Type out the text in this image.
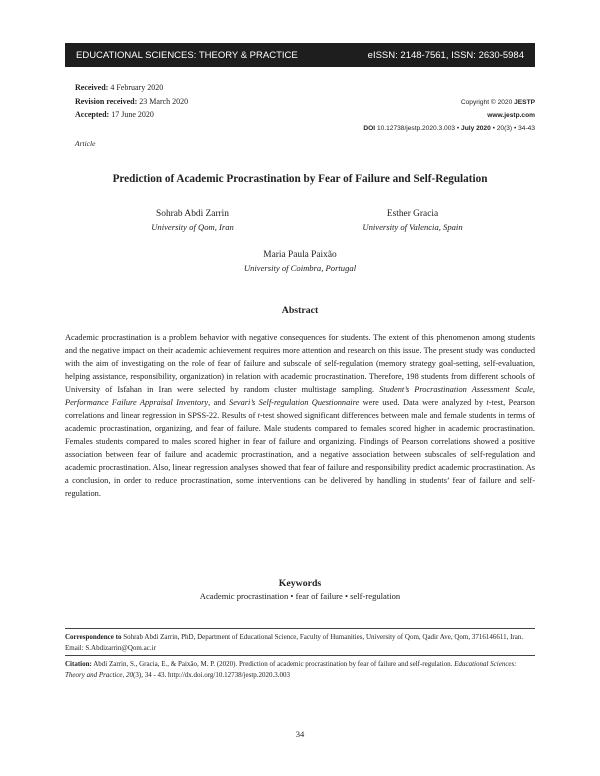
EDUCATIONAL SCIENCES: THEORY & PRACTICE	eISSN: 2148-7561, ISSN: 2630-5984
Received: 4 February 2020
Revision received: 23 March 2020
Accepted: 17 June 2020
Copyright © 2020 JESTP
www.jestp.com
DOI 10.12738/jestp.2020.3.003 • July 2020 • 20(3) • 34-43
Article
Prediction of Academic Procrastination by Fear of Failure and Self-Regulation
Sohrab Abdi Zarrin
University of Qom, Iran
Esther Gracia
University of Valencia, Spain
Maria Paula Paixão
University of Coimbra, Portugal
Abstract

Academic procrastination is a problem behavior with negative consequences for students. The extent of this phenomenon among students and the negative impact on their academic achievement requires more attention and research on this issue. The present study was conducted with the aim of investigating on the role of fear of failure and subscale of self-regulation (memory strategy goal-setting, self-evaluation, helping assistance, responsibility, organization) in relation with academic procrastination. Therefore, 198 students from different schools of University of Isfahan in Iran were selected by random cluster multistage sampling. Student’s Procrastination Assessment Scale, Performance Failure Appraisal Inventory, and Sevari’s Self-regulation Questionnaire were used. Data were analyzed by t-test, Pearson correlations and linear regression in SPSS-22. Results of t-test showed significant differences between male and female students in terms of academic procrastination, organizing, and fear of failure. Male students compared to females scored higher in academic procrastination. Females students compared to males scored higher in fear of failure and organizing. Findings of Pearson correlations showed a positive association between fear of failure and academic procrastination, and a negative association between subscales of self-regulation and academic procrastination. Also, linear regression analyses showed that fear of failure and responsibility predict academic procrastination. As a conclusion, in order to reduce procrastination, some interventions can be delivered by handling in students’ fear of failure and self-regulation.

Keywords
Academic procrastination • fear of failure • self-regulation

Correspondence to Sohrab Abdi Zarrin, PhD, Department of Educational Science, Faculty of Humanities, University of Qom, Qadir Ave, Qom, 3716146611, Iran. Email: S.Abdizarrin@Qom.ac.ir

Citation: Abdi Zarrin, S., Gracia, E., & Paixão, M. P. (2020). Prediction of academic procrastination by fear of failure and self-regulation. Educational Sciences: Theory and Practice, 20(3), 34 - 43. http://dx.doi.org/10.12738/jestp.2020.3.003

34
